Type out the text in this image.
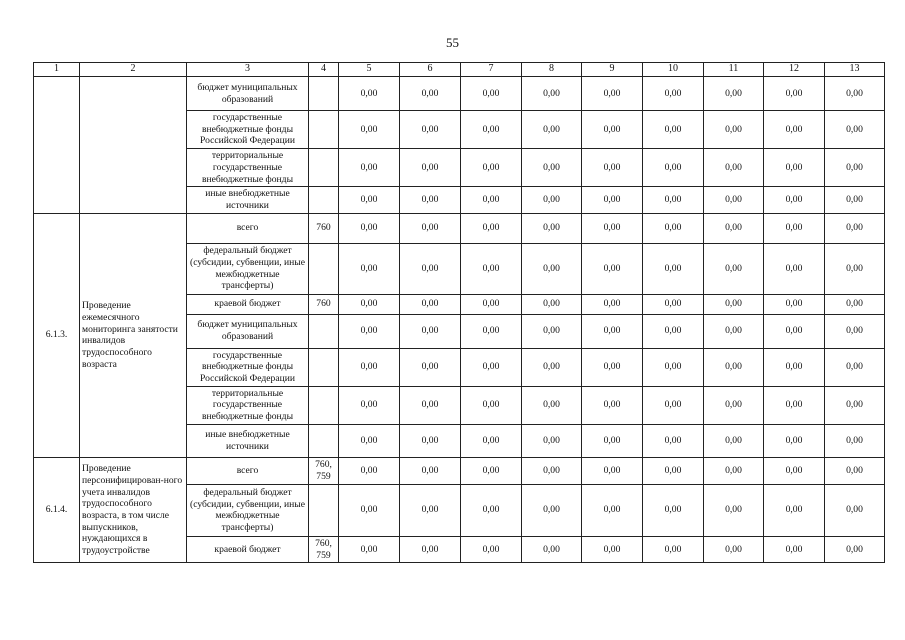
55
1	2	3	4	5	6	7	8	9	10	11	12	13
		бюджет муниципальных образований		0,00	0,00	0,00	0,00	0,00	0,00	0,00	0,00	0,00
		государственные внебюджетные фонды Российской Федерации		0,00	0,00	0,00	0,00	0,00	0,00	0,00	0,00	0,00
		территориальные государственные внебюджетные фонды		0,00	0,00	0,00	0,00	0,00	0,00	0,00	0,00	0,00
		иные внебюджетные источники		0,00	0,00	0,00	0,00	0,00	0,00	0,00	0,00	0,00
6.1.3.	Проведение ежемесячного мониторинга занятости инвалидов трудоспособного возраста	всего	760	0,00	0,00	0,00	0,00	0,00	0,00	0,00	0,00	0,00
		федеральный бюджет (субсидии, субвенции, иные межбюджетные трансферты)		0,00	0,00	0,00	0,00	0,00	0,00	0,00	0,00	0,00
		краевой бюджет	760	0,00	0,00	0,00	0,00	0,00	0,00	0,00	0,00	0,00
		бюджет муниципальных образований		0,00	0,00	0,00	0,00	0,00	0,00	0,00	0,00	0,00
		государственные внебюджетные фонды Российской Федерации		0,00	0,00	0,00	0,00	0,00	0,00	0,00	0,00	0,00
		территориальные государственные внебюджетные фонды		0,00	0,00	0,00	0,00	0,00	0,00	0,00	0,00	0,00
		иные внебюджетные источники		0,00	0,00	0,00	0,00	0,00	0,00	0,00	0,00	0,00
6.1.4.	Проведение персонифицирован-ного учета инвалидов трудоспособного возраста, в том числе выпускников, нуждающихся в трудоустройстве	всего	760, 759	0,00	0,00	0,00	0,00	0,00	0,00	0,00	0,00	0,00
		федеральный бюджет (субсидии, субвенции, иные межбюджетные трансферты)		0,00	0,00	0,00	0,00	0,00	0,00	0,00	0,00	0,00
		краевой бюджет	760, 759	0,00	0,00	0,00	0,00	0,00	0,00	0,00	0,00	0,00
